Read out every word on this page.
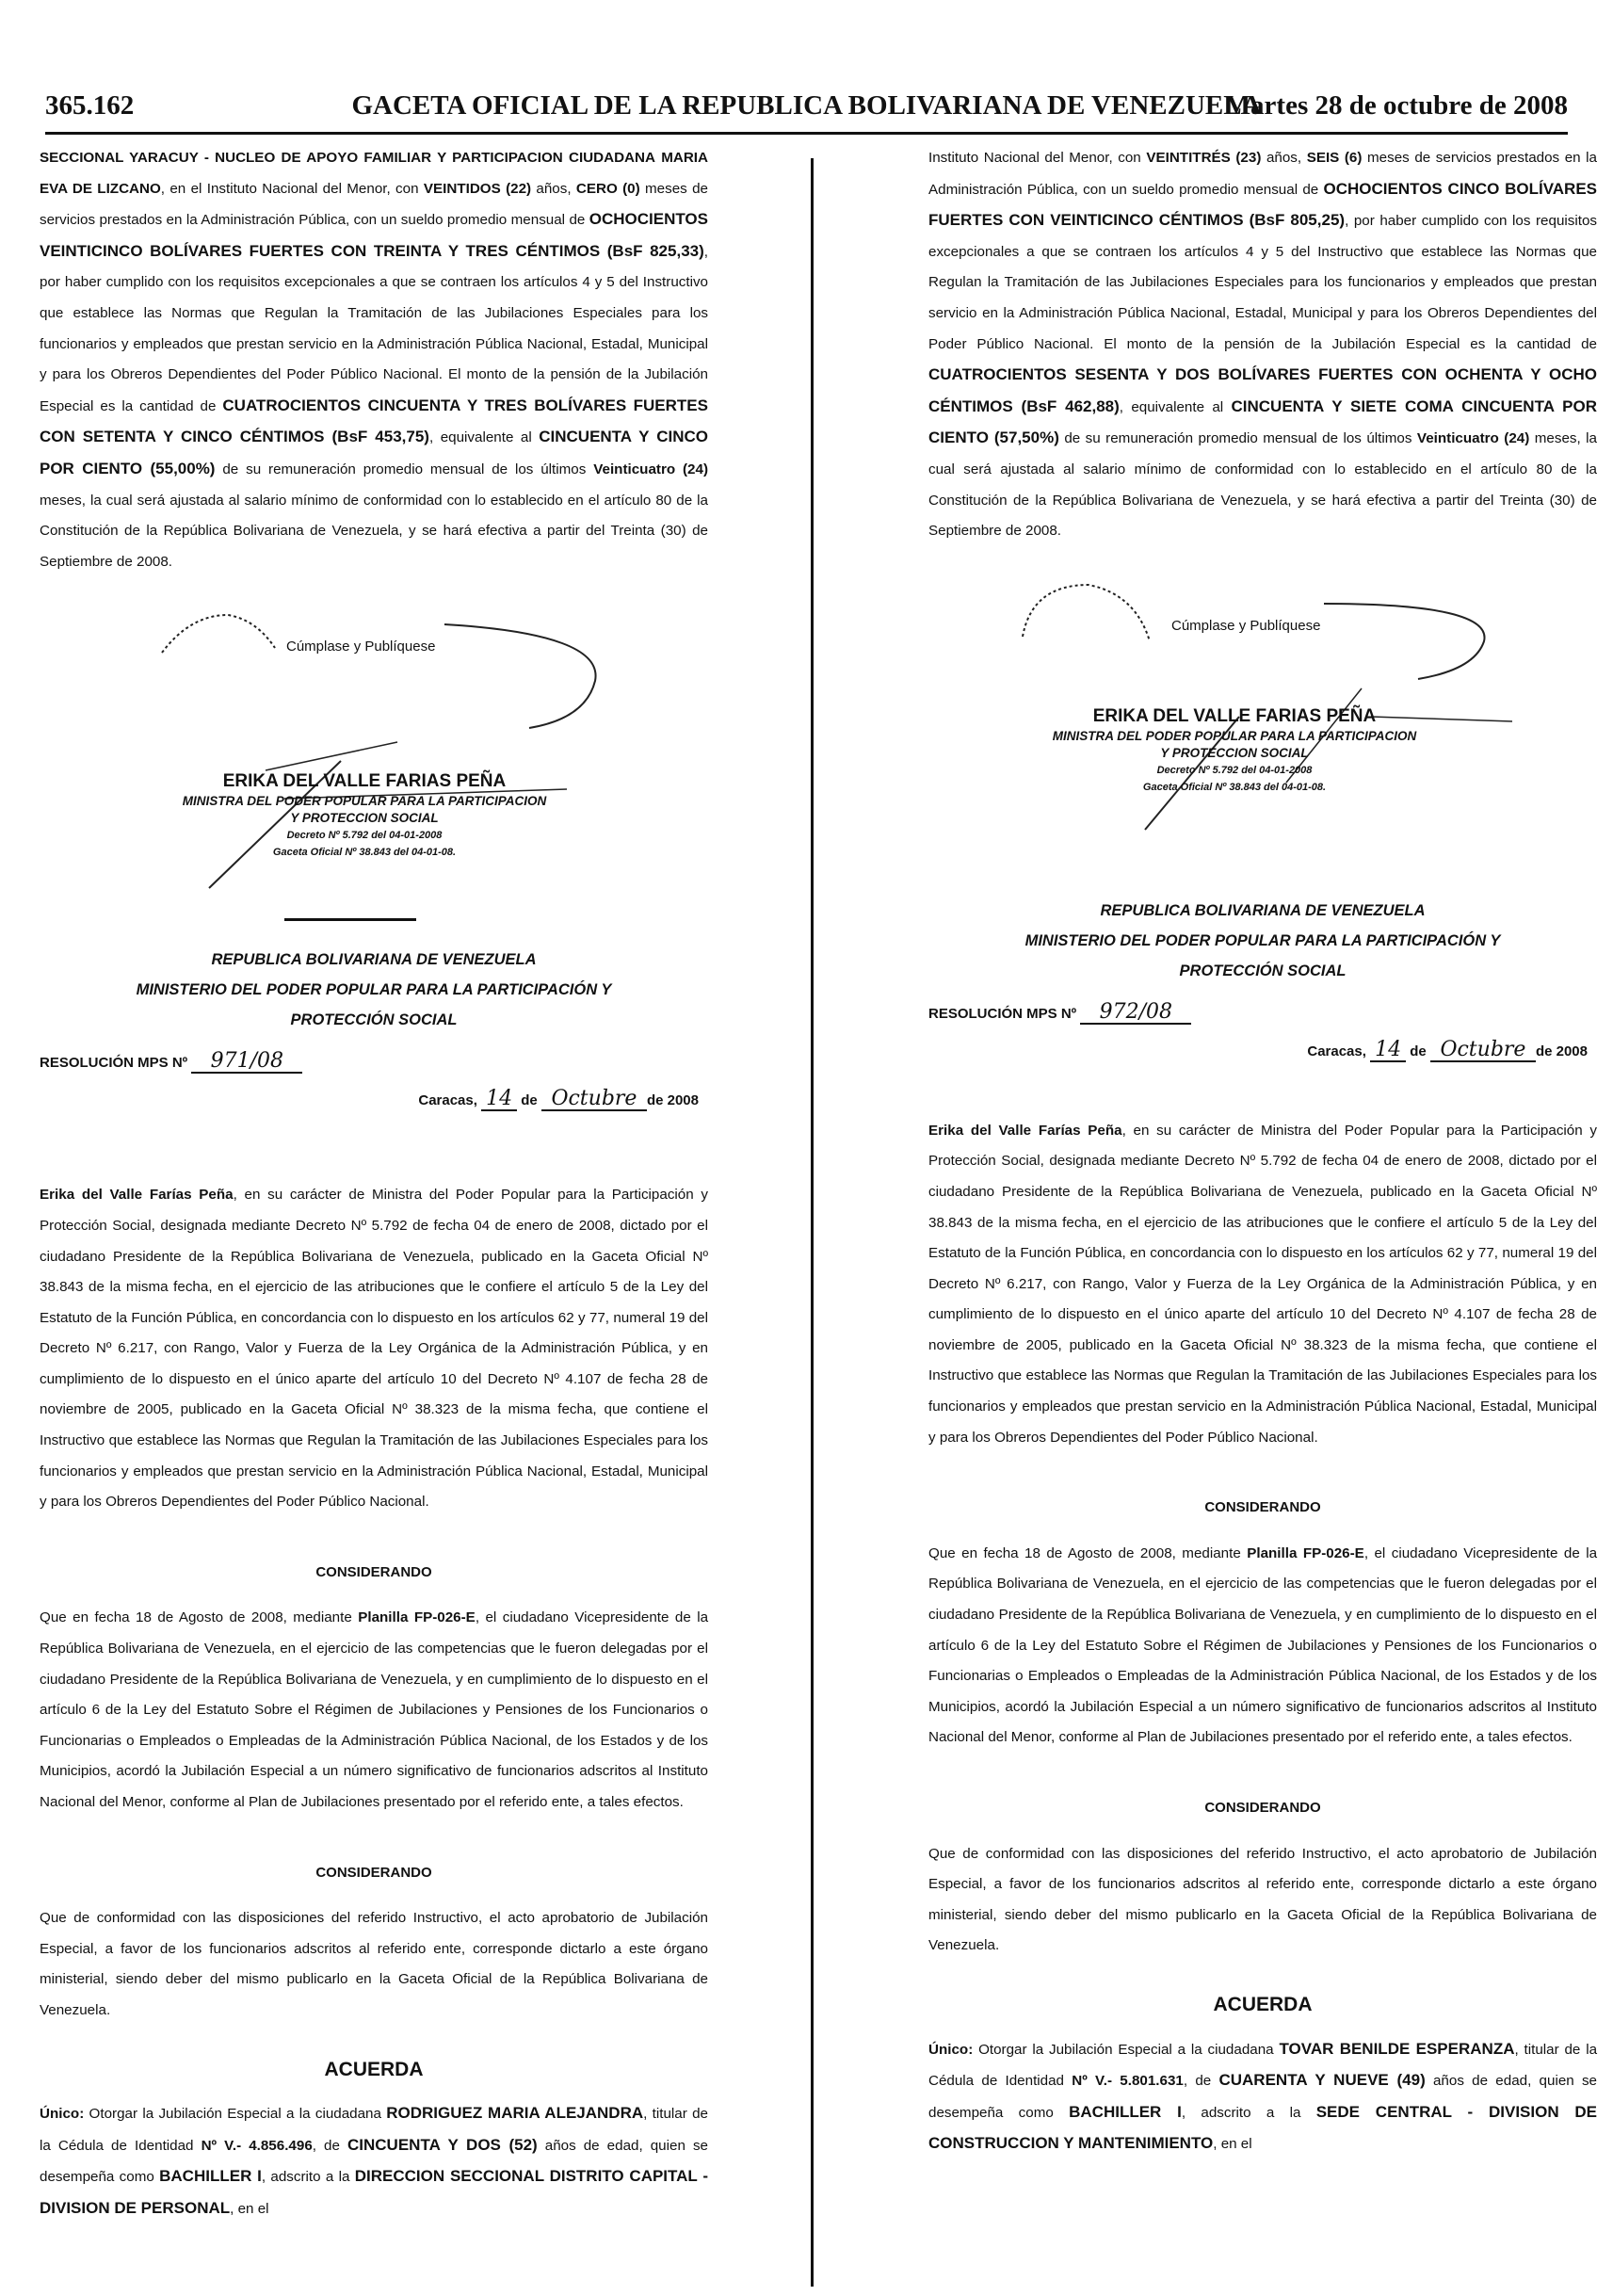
365.162	GACETA OFICIAL DE LA REPUBLICA BOLIVARIANA DE VENEZUELA
Martes 28 de octubre de 2008

SECCIONAL YARACUY - NUCLEO DE APOYO FAMILIAR Y PARTICIPACION CIUDADANA MARIA EVA DE LIZCANO, en el Instituto Nacional del Menor, con VEINTIDOS (22) años, CERO (0) meses de servicios prestados en la Administración Pública, con un sueldo promedio mensual de OCHOCIENTOS VEINTICINCO BOLÍVARES FUERTES CON TREINTA Y TRES CÉNTIMOS (BsF 825,33), por haber cumplido con los requisitos excepcionales a que se contraen los artículos 4 y 5 del Instructivo que establece las Normas que Regulan la Tramitación de las Jubilaciones Especiales para los funcionarios y empleados que prestan servicio en la Administración Pública Nacional, Estadal, Municipal y para los Obreros Dependientes del Poder Público Nacional. El monto de la pensión de la Jubilación Especial es la cantidad de CUATROCIENTOS CINCUENTA Y TRES BOLÍVARES FUERTES CON SETENTA Y CINCO CÉNTIMOS (BsF 453,75), equivalente al CINCUENTA Y CINCO POR CIENTO (55,00%) de su remuneración promedio mensual de los últimos Veinticuatro (24) meses, la cual será ajustada al salario mínimo de conformidad con lo establecido en el artículo 80 de la Constitución de la República Bolivariana de Venezuela, y se hará efectiva a partir del Treinta (30) de Septiembre de 2008.

Cúmplase y Publíquese
ERIKA DEL VALLE FARIAS PEÑA
MINISTRA DEL PODER POPULAR PARA LA PARTICIPACION
Y PROTECCION SOCIAL
Decreto Nº 5.792 del 04-01-2008
Gaceta Oficial Nº 38.843 del 04-01-08.
REPUBLICA BOLIVARIANA DE VENEZUELA
MINISTERIO DEL PODER POPULAR PARA LA PARTICIPACIÓN Y
PROTECCIÓN SOCIAL
RESOLUCIÓN MPS Nº 971/08
Caracas, 14 de Octubre de 2008

Erika del Valle Farías Peña, en su carácter de Ministra del Poder Popular para la Participación y Protección Social, designada mediante Decreto Nº 5.792 de fecha 04 de enero de 2008, dictado por el ciudadano Presidente de la República Bolivariana de Venezuela, publicado en la Gaceta Oficial Nº 38.843 de la misma fecha, en el ejercicio de las atribuciones que le confiere el artículo 5 de la Ley del Estatuto de la Función Pública, en concordancia con lo dispuesto en los artículos 62 y 77, numeral 19 del Decreto Nº 6.217, con Rango, Valor y Fuerza de la Ley Orgánica de la Administración Pública, y en cumplimiento de lo dispuesto en el único aparte del artículo 10 del Decreto Nº 4.107 de fecha 28 de noviembre de 2005, publicado en la Gaceta Oficial Nº 38.323 de la misma fecha, que contiene el Instructivo que establece las Normas que Regulan la Tramitación de las Jubilaciones Especiales para los funcionarios y empleados que prestan servicio en la Administración Pública Nacional, Estadal, Municipal y para los Obreros Dependientes del Poder Público Nacional.

CONSIDERANDO

Que en fecha 18 de Agosto de 2008, mediante Planilla FP-026-E, el ciudadano Vicepresidente de la República Bolivariana de Venezuela, en el ejercicio de las competencias que le fueron delegadas por el ciudadano Presidente de la República Bolivariana de Venezuela, y en cumplimiento de lo dispuesto en el artículo 6 de la Ley del Estatuto Sobre el Régimen de Jubilaciones y Pensiones de los Funcionarios o Funcionarias o Empleados o Empleadas de la Administración Pública Nacional, de los Estados y de los Municipios, acordó la Jubilación Especial a un número significativo de funcionarios adscritos al Instituto Nacional del Menor, conforme al Plan de Jubilaciones presentado por el referido ente, a tales efectos.

CONSIDERANDO

Que de conformidad con las disposiciones del referido Instructivo, el acto aprobatorio de Jubilación Especial, a favor de los funcionarios adscritos al referido ente, corresponde dictarlo a este órgano ministerial, siendo deber del mismo publicarlo en la Gaceta Oficial de la República Bolivariana de Venezuela.

ACUERDA

Único: Otorgar la Jubilación Especial a la ciudadana RODRIGUEZ MARIA ALEJANDRA, titular de la Cédula de Identidad Nº V.- 4.856.496, de CINCUENTA Y DOS (52) años de edad, quien se desempeña como BACHILLER I, adscrito a la DIRECCION SECCIONAL DISTRITO CAPITAL - DIVISION DE PERSONAL, en el

Instituto Nacional del Menor, con VEINTITRÉS (23) años, SEIS (6) meses de servicios prestados en la Administración Pública, con un sueldo promedio mensual de OCHOCIENTOS CINCO BOLÍVARES FUERTES CON VEINTICINCO CÉNTIMOS (BsF 805,25), por haber cumplido con los requisitos excepcionales a que se contraen los artículos 4 y 5 del Instructivo que establece las Normas que Regulan la Tramitación de las Jubilaciones Especiales para los funcionarios y empleados que prestan servicio en la Administración Pública Nacional, Estadal, Municipal y para los Obreros Dependientes del Poder Público Nacional. El monto de la pensión de la Jubilación Especial es la cantidad de CUATROCIENTOS SESENTA Y DOS BOLÍVARES FUERTES CON OCHENTA Y OCHO CÉNTIMOS (BsF 462,88), equivalente al CINCUENTA Y SIETE COMA CINCUENTA POR CIENTO (57,50%) de su remuneración promedio mensual de los últimos Veinticuatro (24) meses, la cual será ajustada al salario mínimo de conformidad con lo establecido en el artículo 80 de la Constitución de la República Bolivariana de Venezuela, y se hará efectiva a partir del Treinta (30) de Septiembre de 2008.

Cúmplase y Publíquese
ERIKA DEL VALLE FARIAS PEÑA
MINISTRA DEL PODER POPULAR PARA LA PARTICIPACION
Y PROTECCION SOCIAL
Decreto Nº 5.792 del 04-01-2008
Gaceta Oficial Nº 38.843 del 04-01-08.
REPUBLICA BOLIVARIANA DE VENEZUELA
MINISTERIO DEL PODER POPULAR PARA LA PARTICIPACIÓN Y
PROTECCIÓN SOCIAL
RESOLUCIÓN MPS Nº 972/08
Caracas, 14 de Octubre de 2008

Erika del Valle Farías Peña, en su carácter de Ministra del Poder Popular para la Participación y Protección Social, designada mediante Decreto Nº 5.792 de fecha 04 de enero de 2008, dictado por el ciudadano Presidente de la República Bolivariana de Venezuela, publicado en la Gaceta Oficial Nº 38.843 de la misma fecha, en el ejercicio de las atribuciones que le confiere el artículo 5 de la Ley del Estatuto de la Función Pública, en concordancia con lo dispuesto en los artículos 62 y 77, numeral 19 del Decreto Nº 6.217, con Rango, Valor y Fuerza de la Ley Orgánica de la Administración Pública, y en cumplimiento de lo dispuesto en el único aparte del artículo 10 del Decreto Nº 4.107 de fecha 28 de noviembre de 2005, publicado en la Gaceta Oficial Nº 38.323 de la misma fecha, que contiene el Instructivo que establece las Normas que Regulan la Tramitación de las Jubilaciones Especiales para los funcionarios y empleados que prestan servicio en la Administración Pública Nacional, Estadal, Municipal y para los Obreros Dependientes del Poder Público Nacional.

CONSIDERANDO

Que en fecha 18 de Agosto de 2008, mediante Planilla FP-026-E, el ciudadano Vicepresidente de la República Bolivariana de Venezuela, en el ejercicio de las competencias que le fueron delegadas por el ciudadano Presidente de la República Bolivariana de Venezuela, y en cumplimiento de lo dispuesto en el artículo 6 de la Ley del Estatuto Sobre el Régimen de Jubilaciones y Pensiones de los Funcionarios o Funcionarias o Empleados o Empleadas de la Administración Pública Nacional, de los Estados y de los Municipios, acordó la Jubilación Especial a un número significativo de funcionarios adscritos al Instituto Nacional del Menor, conforme al Plan de Jubilaciones presentado por el referido ente, a tales efectos.

CONSIDERANDO

Que de conformidad con las disposiciones del referido Instructivo, el acto aprobatorio de Jubilación Especial, a favor de los funcionarios adscritos al referido ente, corresponde dictarlo a este órgano ministerial, siendo deber del mismo publicarlo en la Gaceta Oficial de la República Bolivariana de Venezuela.

ACUERDA

Único: Otorgar la Jubilación Especial a la ciudadana TOVAR BENILDE ESPERANZA, titular de la Cédula de Identidad Nº V.- 5.801.631, de CUARENTA Y NUEVE (49) años de edad, quien se desempeña como BACHILLER I, adscrito a la SEDE CENTRAL - DIVISION DE CONSTRUCCION Y MANTENIMIENTO, en el
